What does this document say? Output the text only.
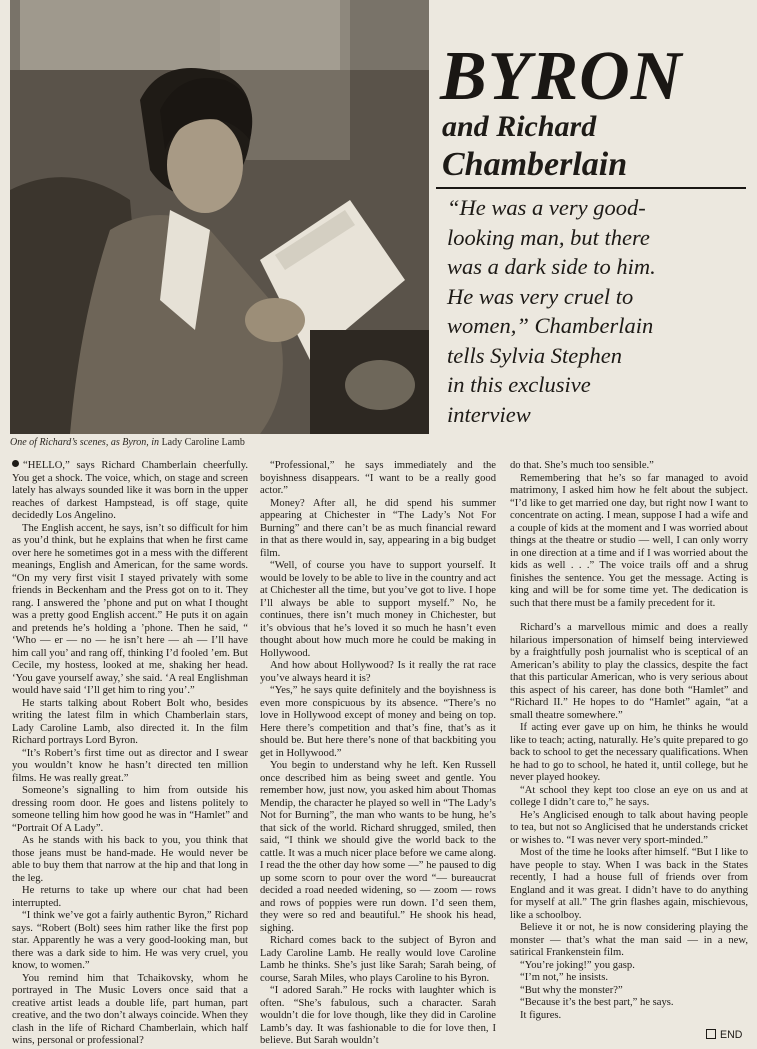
One of Richard’s scenes, as Byron, in Lady Caroline Lamb
BYRON
and Richard
Chamberlain

“He was a very good-

looking man, but there

was a dark side to him.

He was very cruel to

women,” Chamberlain

tells Sylvia Stephen

in this exclusive

interview

“HELLO,” says Richard Chamberlain cheerfully. You get a shock. The voice, which, on stage and screen lately has always sounded like it was born in the upper reaches of darkest Hampstead, is off stage, quite decidedly Los Angelino.

The English accent, he says, isn’t so difficult for him as you’d think, but he explains that when he first came over here he sometimes got in a mess with the different meanings, English and American, for the same words. “On my very first visit I stayed privately with some friends in Beckenham and the Press got on to it. They rang. I answered the ’phone and put on what I thought was a pretty good English accent.” He puts it on again and pretends he’s holding a ’phone. Then he said, “ ‘Who — er — no — he isn’t here — ah — I’ll have him call you’ and rang off, thinking I’d fooled ’em. But Cecile, my hostess, looked at me, shaking her head. ‘You gave yourself away,’ she said. ‘A real Englishman would have said ‘I’ll get him to ring you’.”

He starts talking about Robert Bolt who, besides writing the latest film in which Chamberlain stars, Lady Caroline Lamb, also directed it. In the film Richard portrays Lord Byron.

“It’s Robert’s first time out as director and I swear you wouldn’t know he hasn’t directed ten million films. He was really great.”

Someone’s signalling to him from outside his dressing room door. He goes and listens politely to someone telling him how good he was in “Hamlet” and “Portrait Of A Lady”.

As he stands with his back to you, you think that those jeans must be hand-made. He would never be able to buy them that narrow at the hip and that long in the leg.

He returns to take up where our chat had been interrupted.

“I think we’ve got a fairly authentic Byron,” Richard says. “Robert (Bolt) sees him rather like the first pop star. Apparently he was a very good-looking man, but there was a dark side to him. He was very cruel, you know, to women.”

You remind him that Tchaikovsky, whom he portrayed in The Music Lovers once said that a creative artist leads a double life, part human, part creative, and the two don’t always coincide. When they clash in the life of Richard Chamberlain, which half wins, personal or professional?

“Professional,” he says immediately and the boyishness disappears. “I want to be a really good actor.”

Money? After all, he did spend his summer appearing at Chichester in “The Lady’s Not For Burning” and there can’t be as much financial reward in that as there would in, say, appearing in a big budget film.

“Well, of course you have to support yourself. It would be lovely to be able to live in the country and act at Chichester all the time, but you’ve got to live. I hope I’ll always be able to support myself.” No, he continues, there isn’t much money in Chichester, but it’s obvious that he’s loved it so much he hasn’t even thought about how much more he could be making in Hollywood.

And how about Hollywood? Is it really the rat race you’ve always heard it is?

“Yes,” he says quite definitely and the boyishness is even more conspicuous by its absence. “There’s no love in Hollywood except of money and being on top. Here there’s competition and that’s fine, that’s as it should be. But here there’s none of that backbiting you get in Hollywood.”

You begin to understand why he left. Ken Russell once described him as being sweet and gentle. You remember how, just now, you asked him about Thomas Mendip, the character he played so well in “The Lady’s Not for Burning”, the man who wants to be hung, he’s that sick of the world. Richard shrugged, smiled, then said, “I think we should give the world back to the cattle. It was a much nicer place before we came along. I read the the other day how some —” he paused to dig up some scorn to pour over the word “— bureaucrat decided a road needed widening, so — zoom — rows and rows of poppies were run down. I’d seen them, they were so red and beautiful.” He shook his head, sighing.

Richard comes back to the subject of Byron and Lady Caroline Lamb. He really would love Caroline Lamb he thinks. She’s just like Sarah; Sarah being, of course, Sarah Miles, who plays Caroline to his Byron.

“I adored Sarah.” He rocks with laughter which is often. “She’s fabulous, such a character. Sarah wouldn’t die for love though, like they did in Caroline Lamb’s day. It was fashionable to die for love then, I believe. But Sarah wouldn’t

do that. She’s much too sensible.”

Remembering that he’s so far managed to avoid matrimony, I asked him how he felt about the subject. “I’d like to get married one day, but right now I want to concentrate on acting. I mean, suppose I had a wife and a couple of kids at the moment and I was worried about things at the theatre or studio — well, I can only worry in one direction at a time and if I was worried about the kids as well . . .” The voice trails off and a shrug finishes the sentence. You get the message. Acting is king and will be for some time yet. The dedication is such that there must be a family precedent for it.

Richard’s a marvellous mimic and does a really hilarious impersonation of himself being interviewed by a fraightfully posh journalist who is sceptical of an American’s ability to play the classics, despite the fact that this particular American, who is very serious about this aspect of his career, has done both “Hamlet” and “Richard II.” He hopes to do “Hamlet” again, “at a small theatre somewhere.”

If acting ever gave up on him, he thinks he would like to teach; acting, naturally. He’s quite prepared to go back to school to get the necessary qualifications. When he had to go to school, he hated it, until college, but he never played hookey.

“At school they kept too close an eye on us and at college I didn’t care to,” he says.

He’s Anglicised enough to talk about having people to tea, but not so Anglicised that he understands cricket or wishes to. “I was never very sport-minded.”

Most of the time he looks after himself. “But I like to have people to stay. When I was back in the States recently, I had a house full of friends over from England and it was great. I didn’t have to do anything for myself at all.” The grin flashes again, mischievous, like a schoolboy.

Believe it or not, he is now considering playing the monster — that’s what the man said — in a new, satirical Frankenstein film.

“You’re joking!” you gasp.

“I’m not,” he insists.

“But why the monster?”

“Because it’s the best part,” he says.

It figures.

END
